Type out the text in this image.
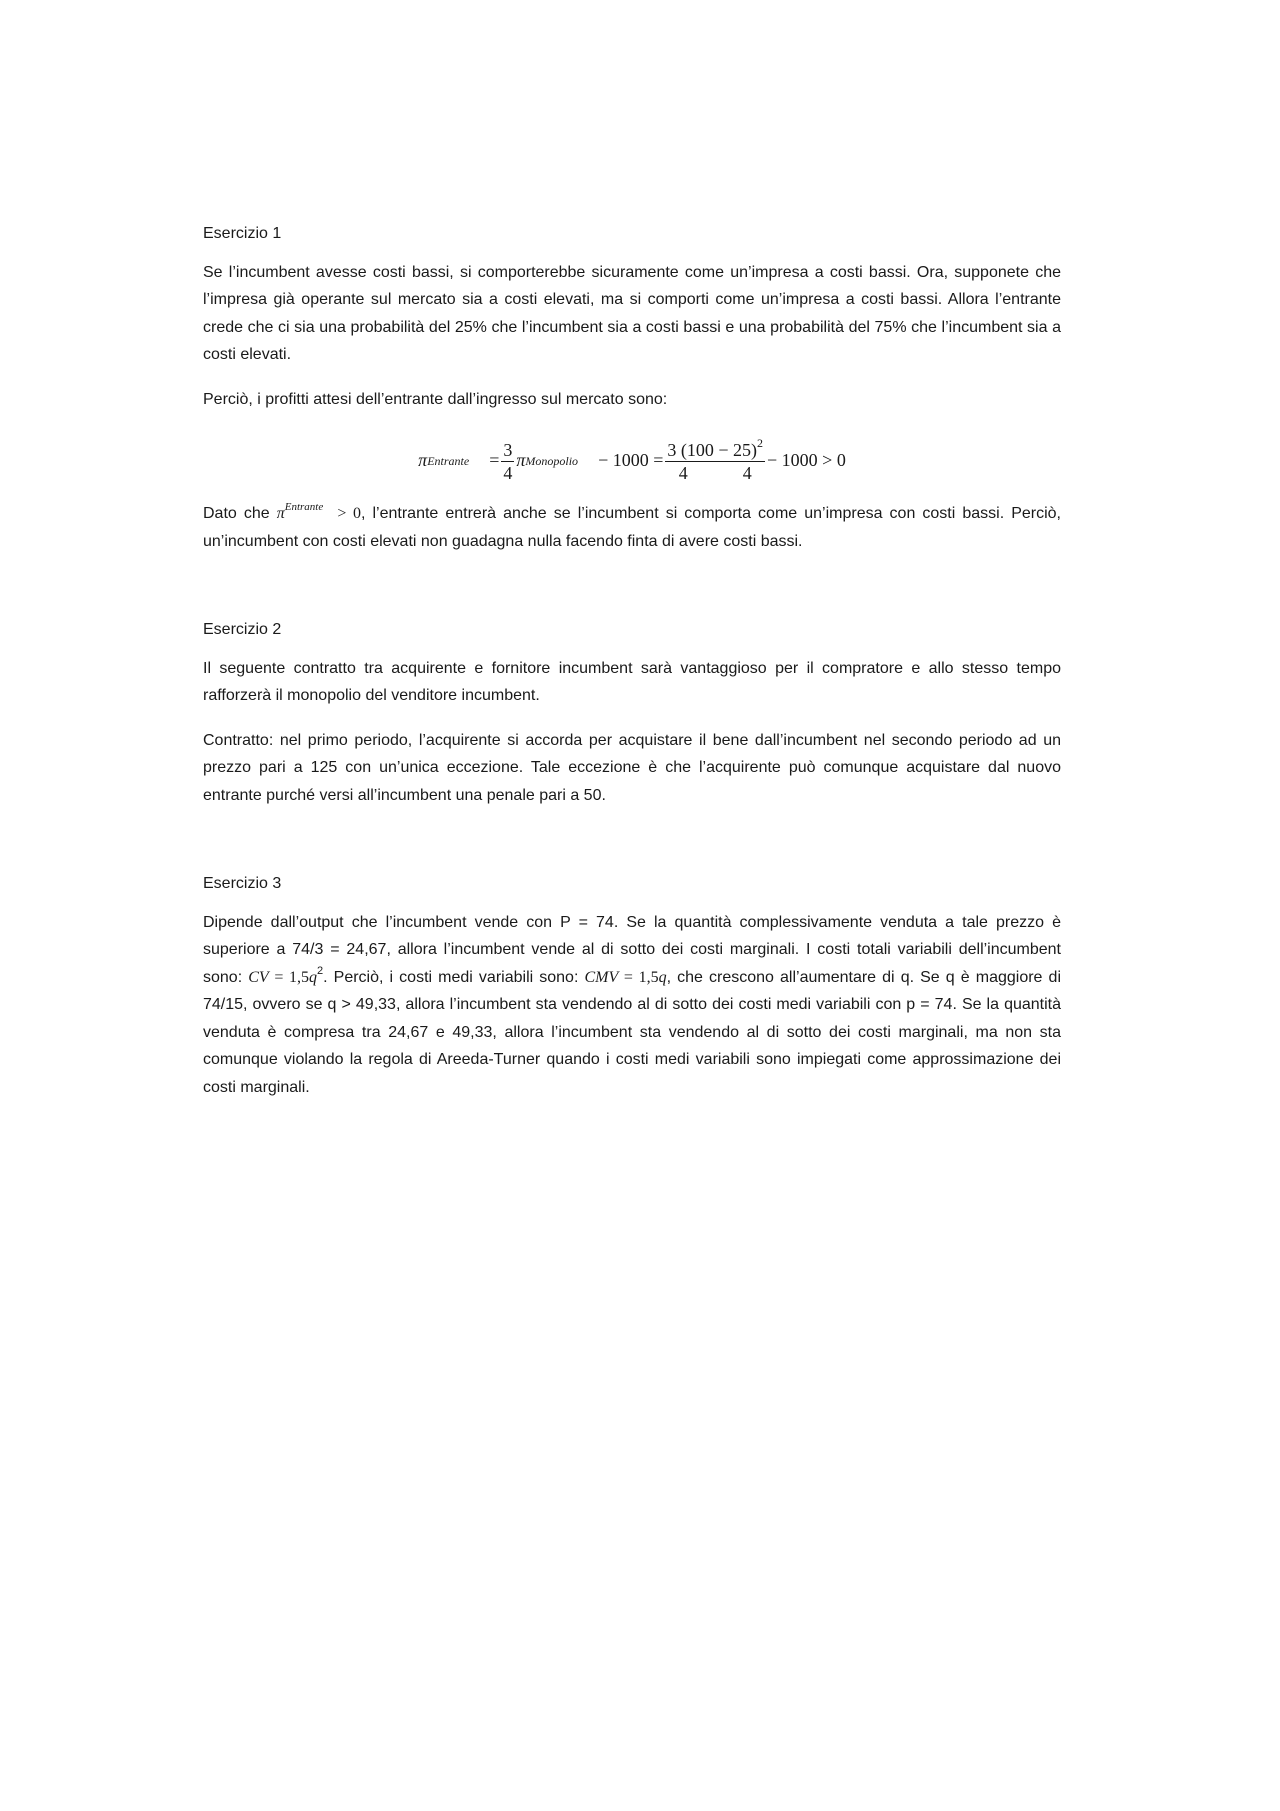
Esercizio 1

Se l’incumbent avesse costi bassi, si comporterebbe sicuramente come un’impresa a costi bassi. Ora, supponete che l’impresa già operante sul mercato sia a costi elevati, ma si comporti come un’impresa a costi bassi. Allora l’entrante crede che ci sia una probabilità del 25% che l’incumbent sia a costi bassi e una probabilità del 75% che l’incumbent sia a costi elevati.

Perciò, i profitti attesi dell’entrante dall’ingresso sul mercato sono:

π Entrante = $\frac{3}{4}$ π Monopolio − 1000 = 3 $(100 - 25)^2$
4	4 − 1000 > 0

Dato che $\pi^{Entrante} > 0$, l’entrante entrerà anche se l’incumbent si comporta come un’impresa con costi bassi. Perciò, un’incumbent con costi elevati non guadagna nulla facendo finta di avere costi bassi.

Esercizio 2

Il seguente contratto tra acquirente e fornitore incumbent sarà vantaggioso per il compratore e allo stesso tempo rafforzerà il monopolio del venditore incumbent.

Contratto: nel primo periodo, l’acquirente si accorda per acquistare il bene dall’incumbent nel secondo periodo ad un prezzo pari a 125 con un’unica eccezione. Tale eccezione è che l’acquirente può comunque acquistare dal nuovo entrante purché versi all’incumbent una penale pari a 50.

Esercizio 3

Dipende dall’output che l’incumbent vende con P = 74. Se la quantità complessivamente venduta a tale prezzo è superiore a 74/3 = 24,67, allora l’incumbent vende al di sotto dei costi marginali. I costi totali variabili dell’incumbent sono: CV = $1,5q^2$. Perciò, i costi medi variabili sono: CMV = 1,5q, che crescono all’aumentare di q. Se q è maggiore di 74/15, ovvero se q > 49,33, allora l’incumbent sta vendendo al di sotto dei costi medi variabili con p = 74. Se la quantità venduta è compresa tra 24,67 e 49,33, allora l’incumbent sta vendendo al di sotto dei costi marginali, ma non sta comunque violando la regola di Areeda-Turner quando i costi medi variabili sono impiegati come approssimazione dei costi marginali.
